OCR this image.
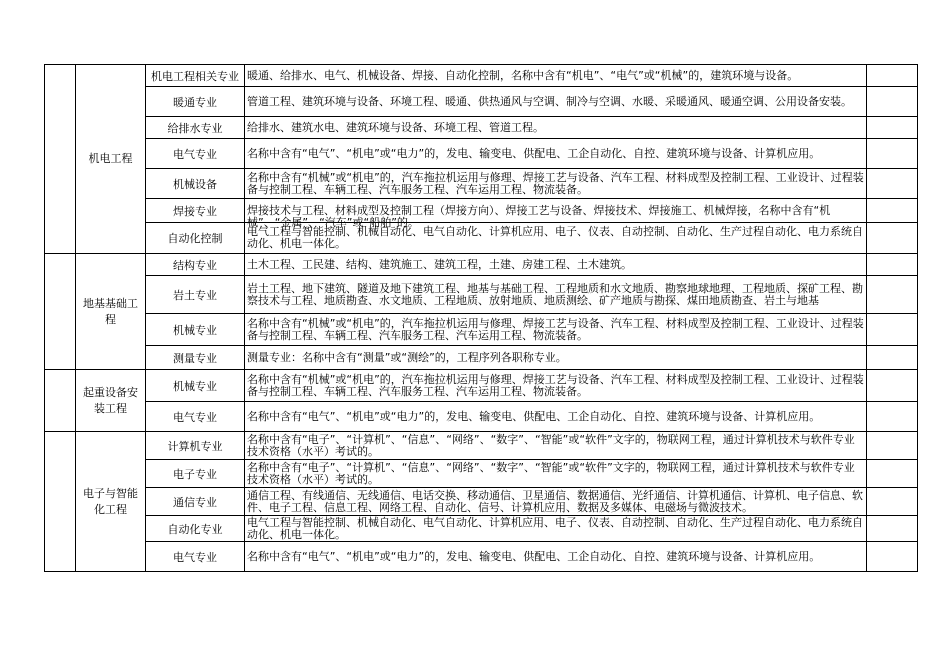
	机电工程	机电工程相关专业	暖通、给排水、电气、机械设备、焊接、自动化控制，名称中含有“机电”、“电气”或“机械”的，建筑环境与设备。	

		暖通专业	管道工程、建筑环境与设备、环境工程、暖通、供热通风与空调、制冷与空调、水暖、采暖通风、暖通空调、公用设备安装。	

		给排水专业	给排水、建筑水电、建筑环境与设备、环境工程、管道工程。	

		电气专业	名称中含有“电气”、“机电”或“电力”的，发电、输变电、供配电、工企自动化、自控、建筑环境与设备、计算机应用。	

		机械设备	名称中含有“机械”或“机电”的，汽车拖拉机运用与修理、焊接工艺与设备、汽车工程、材料成型及控制工程、工业设计、过程装备与控制工程、车辆工程、汽车服务工程、汽车运用工程、物流装备。	

		焊接专业	焊接技术与工程、材料成型及控制工程（焊接方向）、焊接工艺与设备、焊接技术、焊接施工、机械焊接，名称中含有“机械”、“金属”、“汽车”或“船舶”的。	

		自动化控制	电气工程与智能控制、机械自动化、电气自动化、计算机应用、电子、仪表、自动控制、自动化、生产过程自动化、电力系统自动化、机电一体化。	

	地基基础工程	结构专业	土木工程、工民建、结构、建筑施工、建筑工程，土建、房建工程、土木建筑。	

		岩土专业	岩土工程、地下建筑、隧道及地下建筑工程、地基与基础工程、工程地质和水文地质、勘察地球地理、工程地质、探矿工程、勘察技术与工程、地质勘查、水文地质、工程地质、放射地质、地质测绘、矿产地质与勘探、煤田地质勘查、岩土与地基	

		机械专业	名称中含有“机械”或“机电”的，汽车拖拉机运用与修理、焊接工艺与设备、汽车工程、材料成型及控制工程、工业设计、过程装备与控制工程、车辆工程、汽车服务工程、汽车运用工程、物流装备。	

		测量专业	测量专业：名称中含有“测量”或“测绘”的，工程序列各职称专业。	

	起重设备安装工程	机械专业	名称中含有“机械”或“机电”的，汽车拖拉机运用与修理、焊接工艺与设备、汽车工程、材料成型及控制工程、工业设计、过程装备与控制工程、车辆工程、汽车服务工程、汽车运用工程、物流装备。	

		电气专业	名称中含有“电气”、“机电”或“电力”的，发电、输变电、供配电、工企自动化、自控、建筑环境与设备、计算机应用。	

	电子与智能化工程	计算机专业	名称中含有“电子”、“计算机”、“信息”、“网络”、“数字”、“智能”或“软件”文字的，物联网工程，通过计算机技术与软件专业技术资格（水平）考试的。	

		电子专业	名称中含有“电子”、“计算机”、“信息”、“网络”、“数字”、“智能”或“软件”文字的，物联网工程，通过计算机技术与软件专业技术资格（水平）考试的。	

		通信专业	通信工程、有线通信、无线通信、电话交换、移动通信、卫星通信、数据通信、光纤通信、计算机通信、计算机、电子信息、软件、电子工程、信息工程、网络工程、自动化、信号、计算机应用、数据及多媒体、电磁场与微波技术。	

		自动化专业	电气工程与智能控制、机械自动化、电气自动化、计算机应用、电子、仪表、自动控制、自动化、生产过程自动化、电力系统自动化、机电一体化。	

		电气专业	名称中含有“电气”、“机电”或“电力”的，发电、输变电、供配电、工企自动化、自控、建筑环境与设备、计算机应用。	
